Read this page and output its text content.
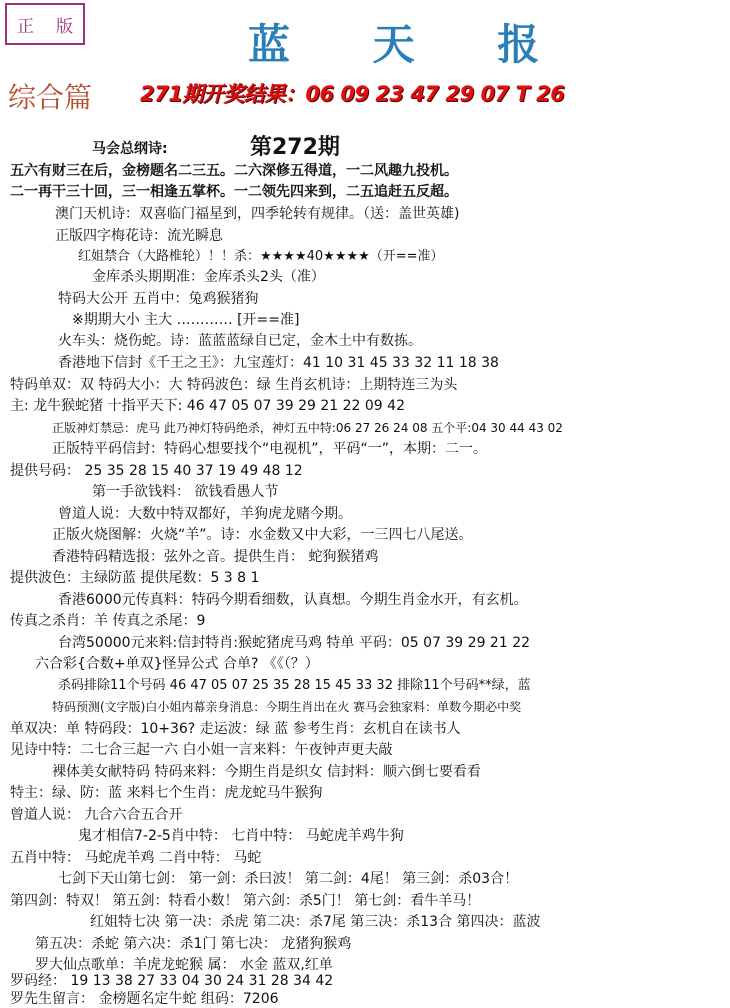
正 版	蓝 天 报
综合篇 271期开奖结果：06 09 23 47 29 07 T 26
第272期
马会总纲诗:
五六有财三在后，金榜题名二三五。二六深修五得道，一二风趣九投机。
二一再干三十回，三一相逢五掌杯。一二领先四来到，二五追赶五反超。
澳门天机诗：双喜临门福星到，四季轮转有规律。（送：盖世英雄)
正版四字梅花诗：流光瞬息
红姐禁合（大路椎轮）！！杀：★★★★40★★★★（开==准）
金库杀头期期准：金库杀头2头（准）
特码大公开 五肖中：兔鸡猴猪狗
※期期大小 主大 ………… [开==准]
火车头：烧伤蛇。诗：蓝蓝蓝绿自已定，金木土中有数拣。
香港地下信封《千王之王》：九宝莲灯：41 10 31 45 33 32 11 18 38
特码单双：双 特码大小：大 特码波色：绿 生肖玄机诗：上期特连三为头
主: 龙牛猴蛇猪 十指平天下: 46 47 05 07 39 29 21 22 09 42
正版神灯禁忌：虎马 此乃神灯特码绝杀，神灯五中特:06 27 26 24 08 五个平:04 30 44 43 02
正版特平码信封：特码心想要找个“电视机”，平码“一”，本期：二一。
提供号码： 25 35 28 15 40 37 19 49 48 12
第一手欲钱料： 欲钱看愚人节
曾道人说：大数中特双都好，羊狗虎龙赌今期。
正版火烧图解：火烧“羊”。诗：水金数又中大彩，一三四七八尾送。
香港特码精选报：弦外之音。提供生肖： 蛇狗猴猪鸡
提供波色：主绿防蓝 提供尾数：5 3 8 1
香港6000元传真料：特码今期看细数，认真想。今期生肖金水开，有玄机。
传真之杀肖：羊 传真之杀尾：9
台湾50000元来料:信封特肖:猴蛇猪虎马鸡 特单 平码：05 07 39 29 21 22
六合彩{合数+单双}怪异公式 合单? 《《（？）
杀码排除11个号码 46 47 05 07 25 35 28 15 45 33 32 排除11个号码**绿，蓝
特码预测(文字版)白小姐内幕亲身消息：今期生肖出在火 赛马会独家料：单数今期必中奖
单双决：单 特码段：10+36? 走运波：绿 蓝 参考生肖：玄机自在读书人
见诗中特：二七合三起一六 白小姐一言来料：午夜钟声更夫敲
裸体美女献特码 特码来料：今期生肖是织女 信封料：顺六倒七要看看
特主：绿、防：蓝 来料七个生肖：虎龙蛇马牛猴狗
曾道人说： 九合六合五合开
鬼才相信7-2-5肖中特： 七肖中特： 马蛇虎羊鸡牛狗
五肖中特： 马蛇虎羊鸡 二肖中特： 马蛇
七剑下天山第七剑： 第一剑：杀曰波！ 第二剑：4尾！ 第三剑：杀03合！
第四剑：特双！ 第五剑：特看小数！ 第六剑：杀5门！ 第七剑：看牛羊马！
红姐特七决 第一决：杀虎 第二决：杀7尾 第三决：杀13合 第四决：蓝波
第五决：杀蛇 第六决：杀1门 第七决： 龙猪狗猴鸡
罗大仙点歌单：羊虎龙蛇猴 属： 水金 蓝双,红单
罗码经： 19 13 38 27 33 04 30 24 31 28 34 42
罗先生留言： 金榜题名定牛蛇 组码：7206
